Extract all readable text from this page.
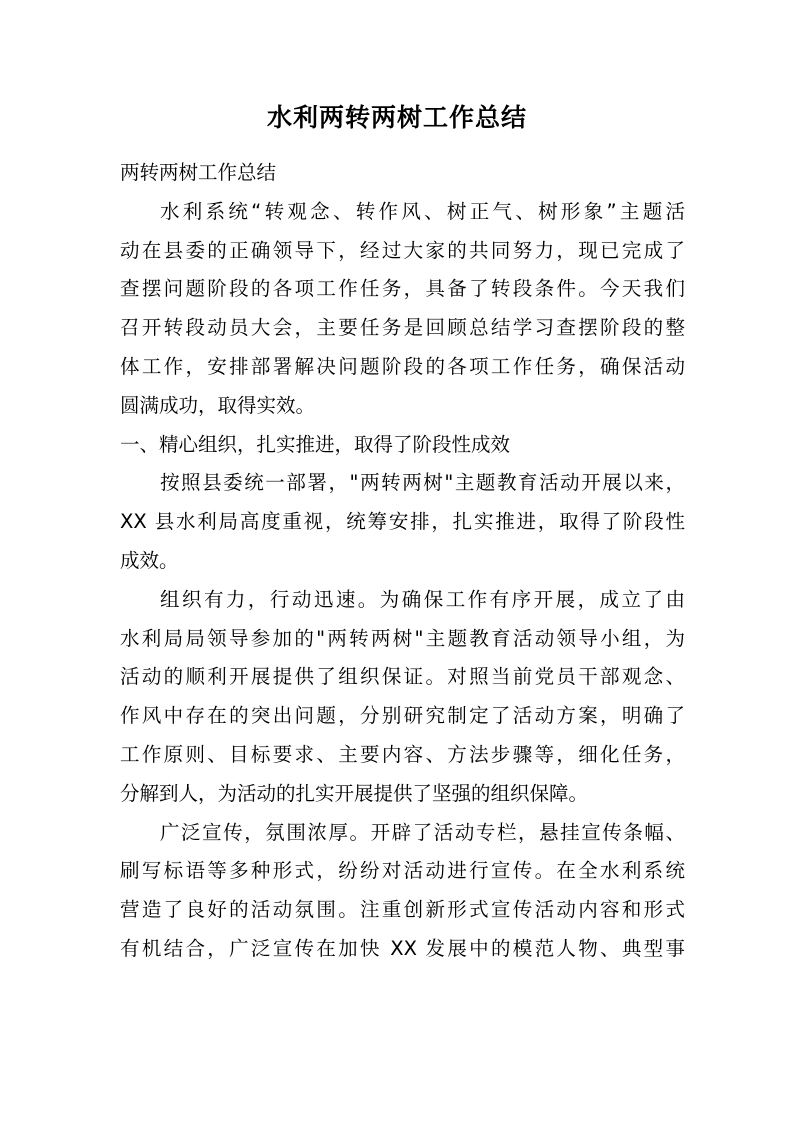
水利两转两树工作总结
两转两树工作总结
水利系统“转观念、转作风、树正气、树形象”主题活
动在县委的正确领导下，经过大家的共同努力，现已完成了
查摆问题阶段的各项工作任务，具备了转段条件。今天我们
召开转段动员大会，主要任务是回顾总结学习查摆阶段的整
体工作，安排部署解决问题阶段的各项工作任务，确保活动
圆满成功，取得实效。
一、精心组织，扎实推进，取得了阶段性成效
按照县委统一部署，"两转两树"主题教育活动开展以来，
XX 县水利局高度重视，统筹安排，扎实推进，取得了阶段性
成效。
组织有力，行动迅速。为确保工作有序开展，成立了由
水利局局领导参加的"两转两树"主题教育活动领导小组，为
活动的顺利开展提供了组织保证。对照当前党员干部观念、
作风中存在的突出问题，分别研究制定了活动方案，明确了
工作原则、目标要求、主要内容、方法步骤等，细化任务，
分解到人，为活动的扎实开展提供了坚强的组织保障。
广泛宣传，氛围浓厚。开辟了活动专栏，悬挂宣传条幅、
刷写标语等多种形式，纷纷对活动进行宣传。在全水利系统
营造了良好的活动氛围。注重创新形式宣传活动内容和形式
有机结合，广泛宣传在加快 XX 发展中的模范人物、典型事
